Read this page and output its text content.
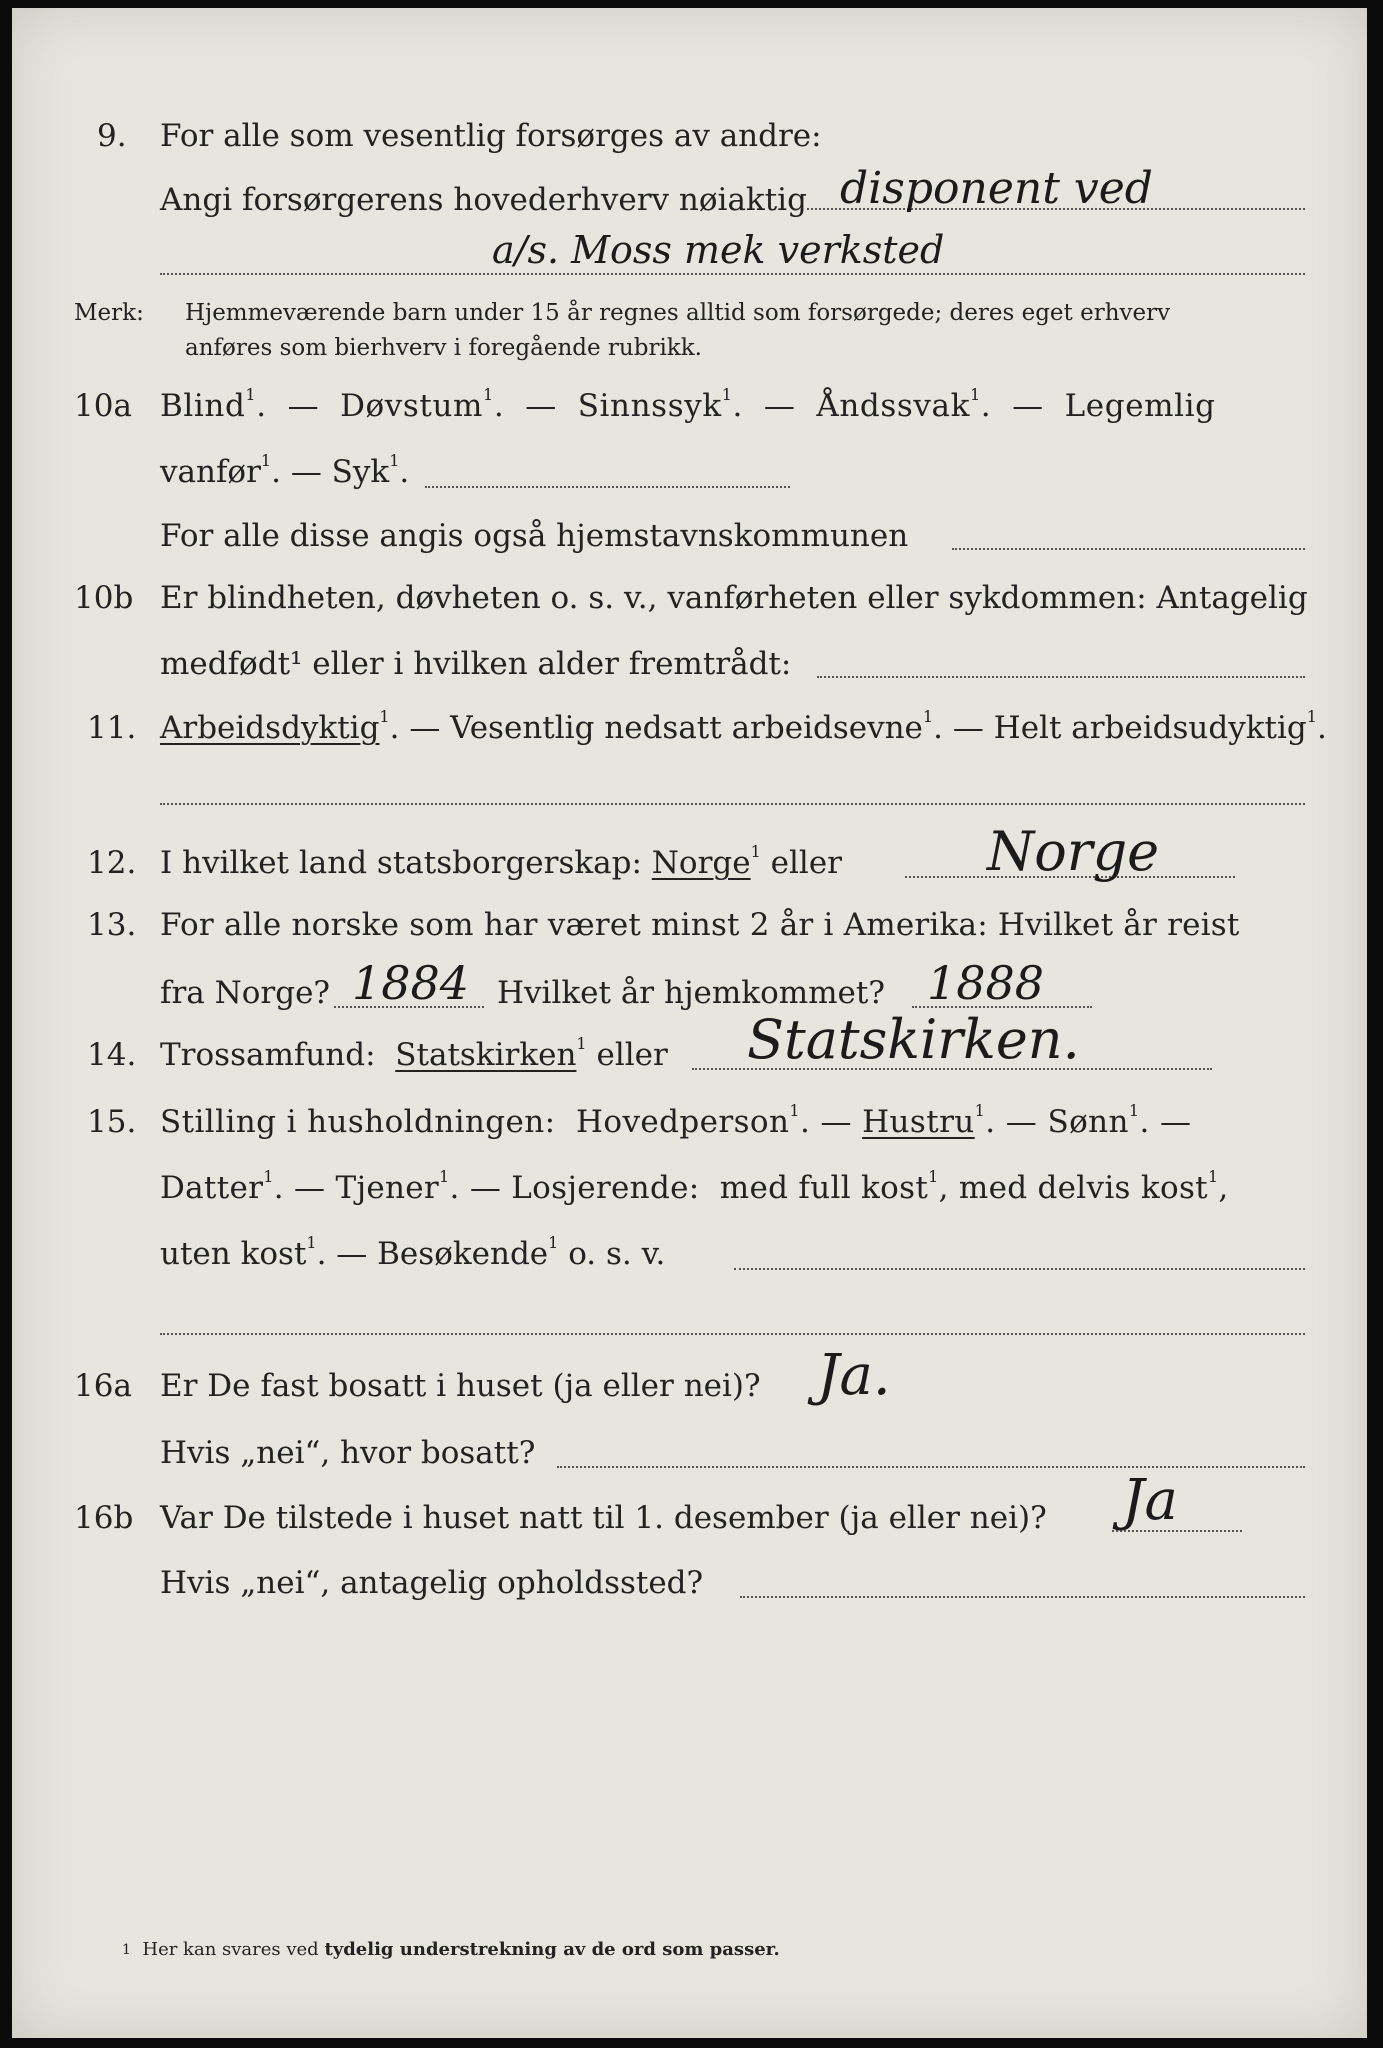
9. For alle som vesentlig forsørges av andre:
Angi forsørgerens hovederhverv nøiaktig disponent ved
a/s. Moss mek verksted
Merk: Hjemmeværende barn under 15 år regnes alltid som forsørgede; deres eget erhverv
anføres som bierhverv i foregående rubrikk.
10a Blind$^1$.  —  Døvstum$^1$.  —  Sinnssyk$^1$.  —  Åndssvak$^1$.  —  Legemlig
vanfør$^1$. — Syk$^1$.
For alle disse angis også hjemstavnskommunen
10b Er blindheten, døvheten o. s. v., vanførheten eller sykdommen: Antagelig
medfødt¹ eller i hvilken alder fremtrådt:
11. Arbeidsdyktig$^1$. — Vesentlig nedsatt arbeidsevne$^1$. — Helt arbeidsudyktig$^1$.
12. I hvilket land statsborgerskap: Norge$^1$ eller	Norge
13. For alle norske som har været minst 2 år i Amerika: Hvilket år reist
fra Norge? 1884 Hvilket år hjemkommet? 1888
14. Trossamfund: Statskirken$^1$ eller Statskirken.
15. Stilling i husholdningen: Hovedperson$^1$. — Hustru$^1$. — Sønn$^1$. —
Datter$^1$. — Tjener$^1$. — Losjerende: med full kost$^1$, med delvis kost$^1$,
uten kost$^1$. — Besøkende$^1$ o. s. v.
16a Er De fast bosatt i huset (ja eller nei)? Ja.
Hvis „nei“, hvor bosatt?
16b Var De tilstede i huset natt til 1. desember (ja eller nei)? Ja
Hvis „nei“, antagelig opholdssted?
$^1$ Her kan svares ved tydelig understrekning av de ord som passer.
